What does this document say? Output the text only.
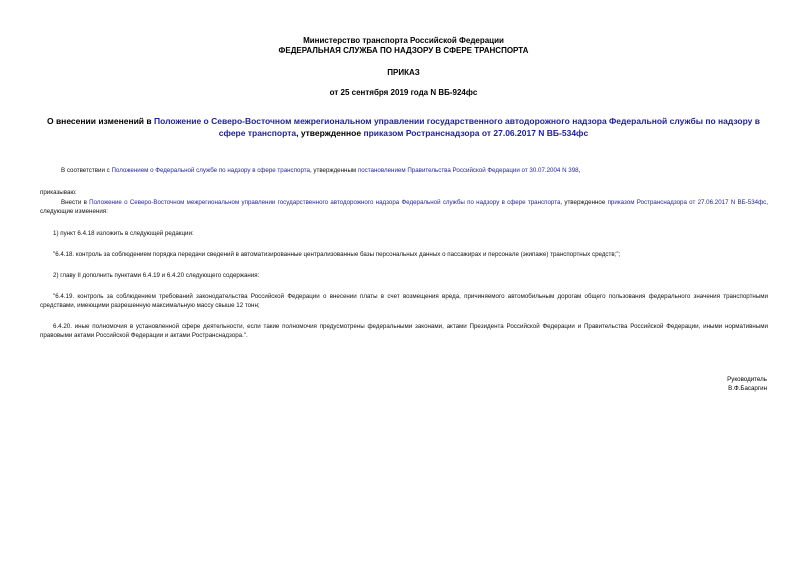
Министерство транспорта Российской Федерации
ФЕДЕРАЛЬНАЯ СЛУЖБА ПО НАДЗОРУ В СФЕРЕ ТРАНСПОРТА
ПРИКАЗ
от 25 сентября 2019 года N ВБ-924фс
О внесении изменений в Положение о Северо-Восточном межрегиональном управлении государственного автодорожного надзора Федеральной службы по надзору в сфере транспорта, утвержденное приказом Ространснадзора от 27.06.2017 N ВБ-534фс
В соответствии с Положением о Федеральной службе по надзору в сфере транспорта, утвержденным постановлением Правительства Российской Федерации от 30.07.2004 N 398,
приказываю:
Внести в Положение о Северо-Восточном межрегиональном управлении государственного автодорожного надзора Федеральной службы по надзору в сфере транспорта, утвержденное приказом Ространснадзора от 27.06.2017 N ВБ-534фс, следующие изменения:
1) пункт 6.4.18 изложить в следующей редакции:
"6.4.18. контроль за соблюдением порядка передачи сведений в автоматизированные централизованные базы персональных данных о пассажирах и персонале (экипаже) транспортных средств;";
2) главу II дополнить пунктами 6.4.19 и 6.4.20 следующего содержания:
"6.4.19. контроль за соблюдением требований законодательства Российской Федерации о внесении платы в счет возмещения вреда, причиняемого автомобильным дорогам общего пользования федерального значения транспортными средствами, имеющими разрешенную максимальную массу свыше 12 тонн;
6.4.20. иные полномочия в установленной сфере деятельности, если такие полномочия предусмотрены федеральными законами, актами Президента Российской Федерации и Правительства Российской Федерации, иными нормативными правовыми актами Российской Федерации и актами Ространснадзора.".
Руководитель
В.Ф.Басаргин
